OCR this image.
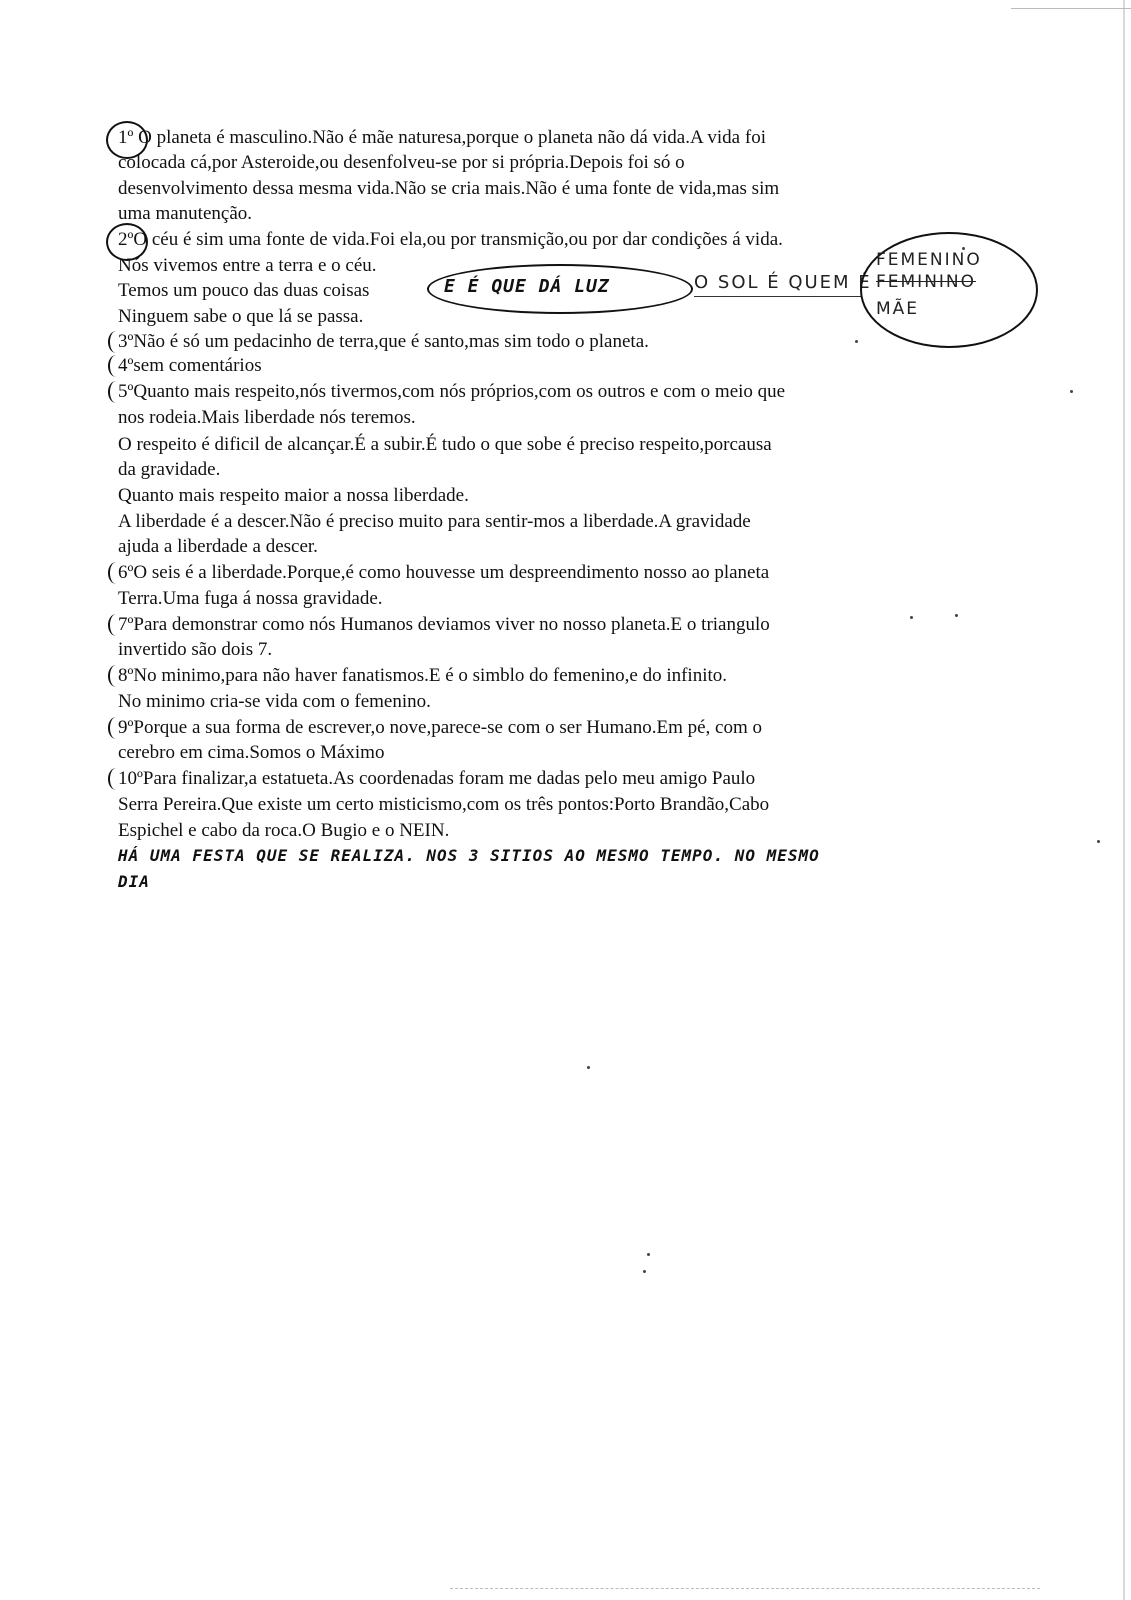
1º O planeta é masculino.Não é mãe naturesa,porque o planeta não dá vida.A vida foi
colocada cá,por Asteroide,ou desenfolveu-se por si própria.Depois foi só o
desenvolvimento dessa mesma vida.Não se cria mais.Não é uma fonte de vida,mas sim
uma manutenção.
2ºO céu é sim uma fonte de vida.Foi ela,ou por transmição,ou por dar condições á vida.
Nós vivemos entre a terra e o céu.
Temos um pouco das duas coisas
Ninguem sabe o que lá se passa.
E É QUE DÁ LUZ	O SOL É QUEM É
FEMENINO
FEMININO
MÃE
3ºNão é só um pedacinho de terra,que é santo,mas sim todo o planeta.
4ºsem comentários
5ºQuanto mais respeito,nós tivermos,com nós próprios,com os outros e com o meio que
nos rodeia.Mais liberdade nós teremos.
O respeito é dificil de alcançar.É a subir.É tudo o que sobe é preciso respeito,porcausa
da gravidade.
Quanto mais respeito maior a nossa liberdade.
A liberdade é a descer.Não é preciso muito para sentir-mos a liberdade.A gravidade
ajuda a liberdade a descer.
6ºO seis é a liberdade.Porque,é como houvesse um despreendimento nosso ao planeta
Terra.Uma fuga á nossa gravidade.
7ºPara demonstrar como nós Humanos deviamos viver no nosso planeta.E o triangulo
invertido são dois 7.
8ºNo minimo,para não haver fanatismos.E é o simblo do femenino,e do infinito.
No minimo cria-se vida com o femenino.
9ºPorque a sua forma de escrever,o nove,parece-se com o ser Humano.Em pé, com o
cerebro em cima.Somos o Máximo
10ºPara finalizar,a estatueta.As coordenadas foram me dadas pelo meu amigo Paulo
Serra Pereira.Que existe um certo misticismo,com os três pontos:Porto Brandão,Cabo
Espichel e cabo da roca.O Bugio e o NEIN.
HÁ UMA FESTA QUE SE REALIZA. NOS 3 SITIOS AO MESMO TEMPO. NO MESMO
DIA
